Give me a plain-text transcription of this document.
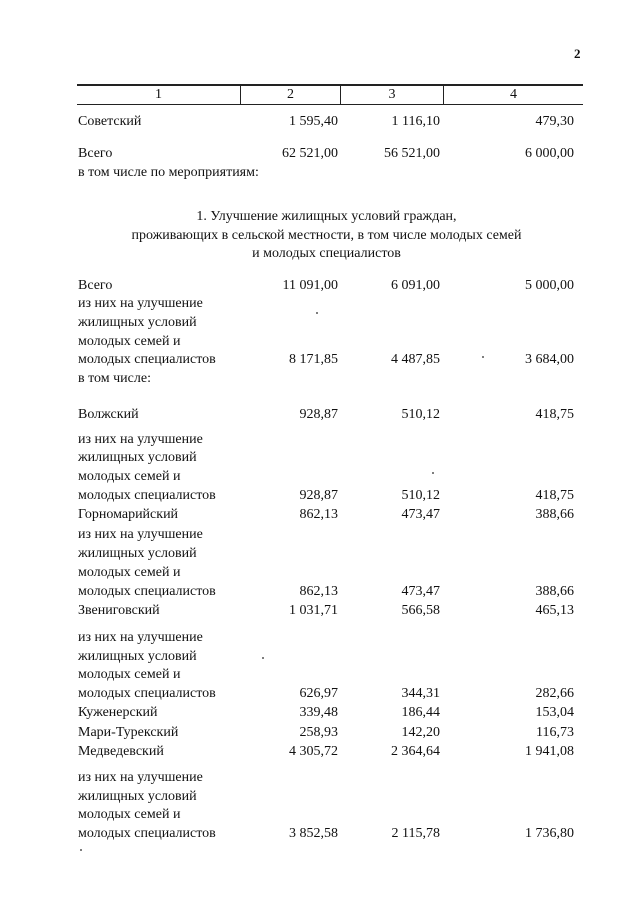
2
1	2	3	4
Советский	1 595,40	1 116,10	479,30
Всего	62 521,00	56 521,00	6 000,00
в том числе по мероприятиям:
1. Улучшение жилищных условий граждан,
проживающих в сельской местности, в том числе молодых семей
и молодых специалистов
Всего	11 091,00	6 091,00	5 000,00
из них на улучшение
жилищных условий
молодых семей и
молодых специалистов	8 171,85	4 487,85	3 684,00
в том числе:
Волжский	928,87	510,12	418,75
из них на улучшение
жилищных условий
молодых семей и
молодых специалистов	928,87	510,12	418,75
Горномарийский	862,13	473,47	388,66
из них на улучшение
жилищных условий
молодых семей и
молодых специалистов	862,13	473,47	388,66
Звениговский	1 031,71	566,58	465,13
из них на улучшение
жилищных условий
молодых семей и
молодых специалистов	626,97	344,31	282,66
Куженерский	339,48	186,44	153,04
Мари-Турекский	258,93	142,20	116,73
Медведевский	4 305,72	2 364,64	1 941,08
из них на улучшение
жилищных условий
молодых семей и
молодых специалистов	3 852,58	2 115,78	1 736,80
